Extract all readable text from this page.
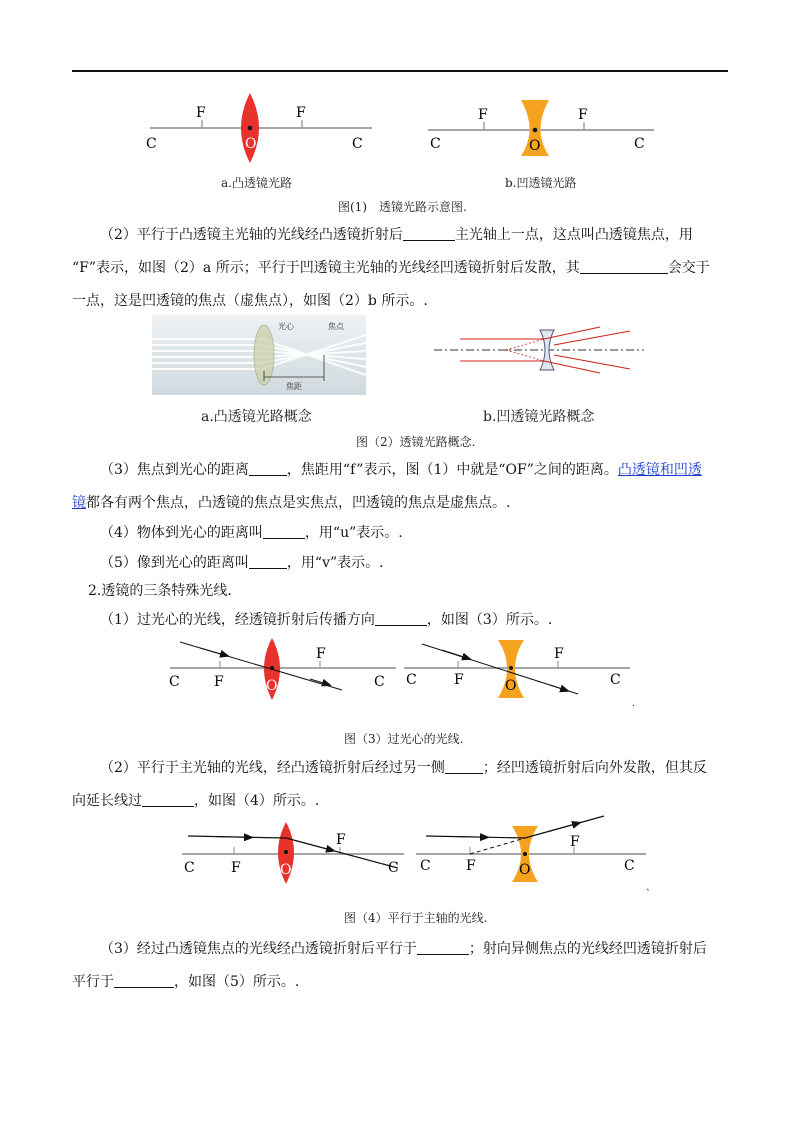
F	F
C	C
O
F	F
C	C
O
a.凸透镜光路	b.凹透镜光路
图(1)　透镜光路示意图.
（2）平行于凸透镜主光轴的光线经凸透镜折射后	主光轴上一点，这点叫凸透镜焦点，用
“F”表示，如图（2）a 所示；平行于凹透镜主光轴的光线经凹透镜折射后发散，其	会交于
一点，这是凹透镜的焦点（虚焦点），如图（2）b 所示。.
光心	焦点
焦距
a.凸透镜光路概念	b.凹透镜光路概念
图（2）透镜光路概念.
（3）焦点到光心的距离	，焦距用“f”表示，图（1）中就是“OF”之间的距离。凸透镜和凹透
镜都各有两个焦点，凸透镜的焦点是实焦点，凹透镜的焦点是虚焦点。.
（4）物体到光心的距离叫	，用“u”表示。.
（5）像到光心的距离叫	，用“v”表示。.
2.透镜的三条特殊光线.
（1）过光心的光线，经透镜折射后传播方向	，如图（3）所示。.
C F
F
O	C C	F
F
O	C
.
图（3）过光心的光线.
（2）平行于主光轴的光线，经凸透镜折射后经过另一侧	；经凹透镜折射后向外发散，但其反
向延长线过	，如图（4）所示。.
C	F
F
O	C C	F
F
O	C
、
图（4）平行于主轴的光线.
（3）经过凸透镜焦点的光线经凸透镜折射后平行于	；射向异侧焦点的光线经凹透镜折射后
平行于	，如图（5）所示。.
